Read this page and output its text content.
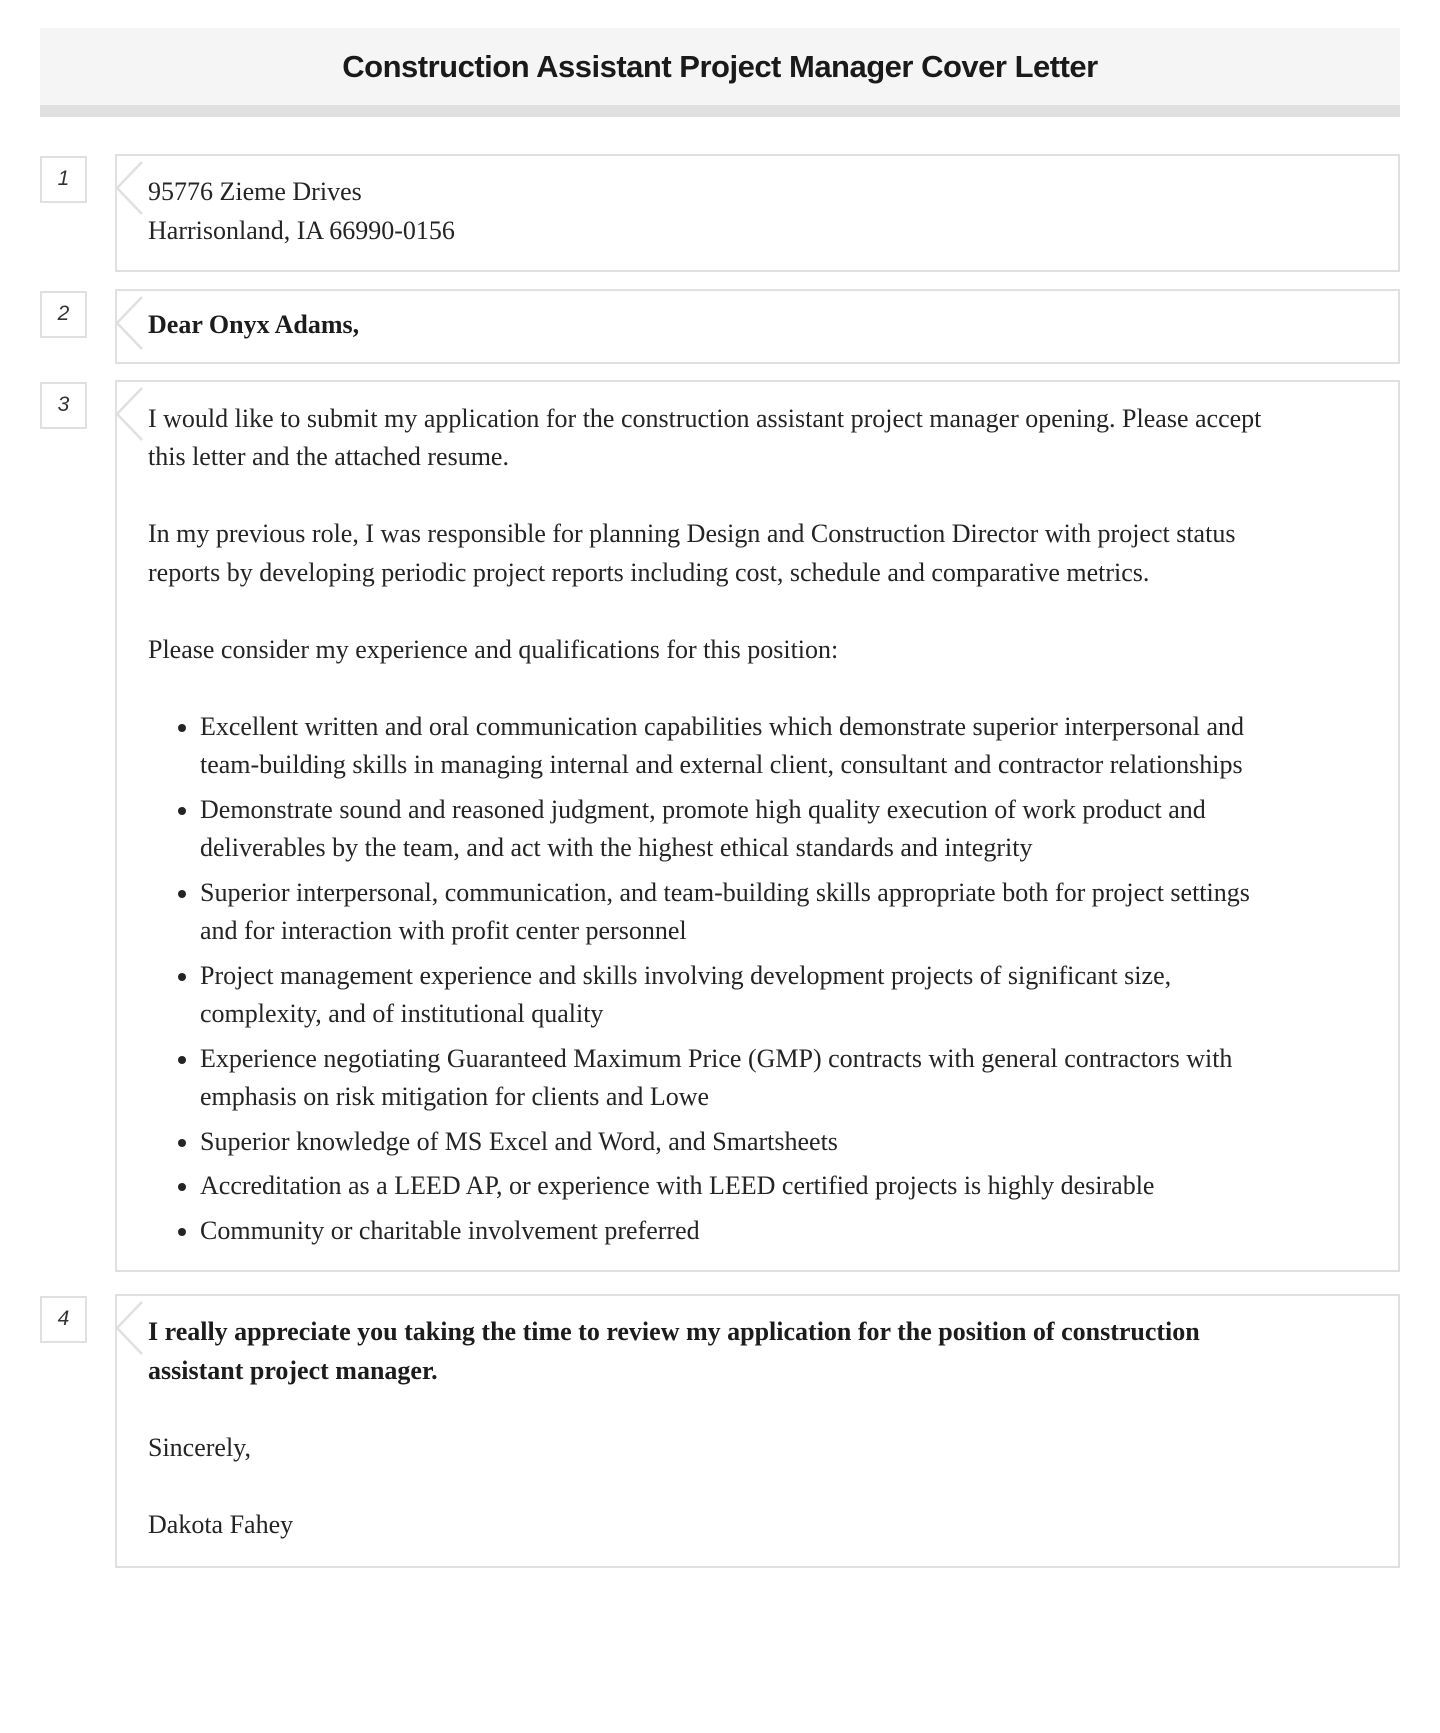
Construction Assistant Project Manager Cover Letter
1	95776 Zieme Drives

Harrisonland, IA 66990-0156

2	Dear Onyx Adams,

3	I would like to submit my application for the construction assistant project manager opening. Please accept this letter and the attached resume.

In my previous role, I was responsible for planning Design and Construction Director with project status reports by developing periodic project reports including cost, schedule and comparative metrics.

Please consider my experience and qualifications for this position:

• Excellent written and oral communication capabilities which demonstrate superior interpersonal and team-building skills in managing internal and external client, consultant and contractor relationships
• Demonstrate sound and reasoned judgment, promote high quality execution of work product and deliverables by the team, and act with the highest ethical standards and integrity
• Superior interpersonal, communication, and team-building skills appropriate both for project settings and for interaction with profit center personnel
• Project management experience and skills involving development projects of significant size, complexity, and of institutional quality
• Experience negotiating Guaranteed Maximum Price (GMP) contracts with general contractors with emphasis on risk mitigation for clients and Lowe
• Superior knowledge of MS Excel and Word, and Smartsheets
• Accreditation as a LEED AP, or experience with LEED certified projects is highly desirable
• Community or charitable involvement preferred
4	I really appreciate you taking the time to review my application for the position of construction assistant project manager.

Sincerely,

Dakota Fahey
